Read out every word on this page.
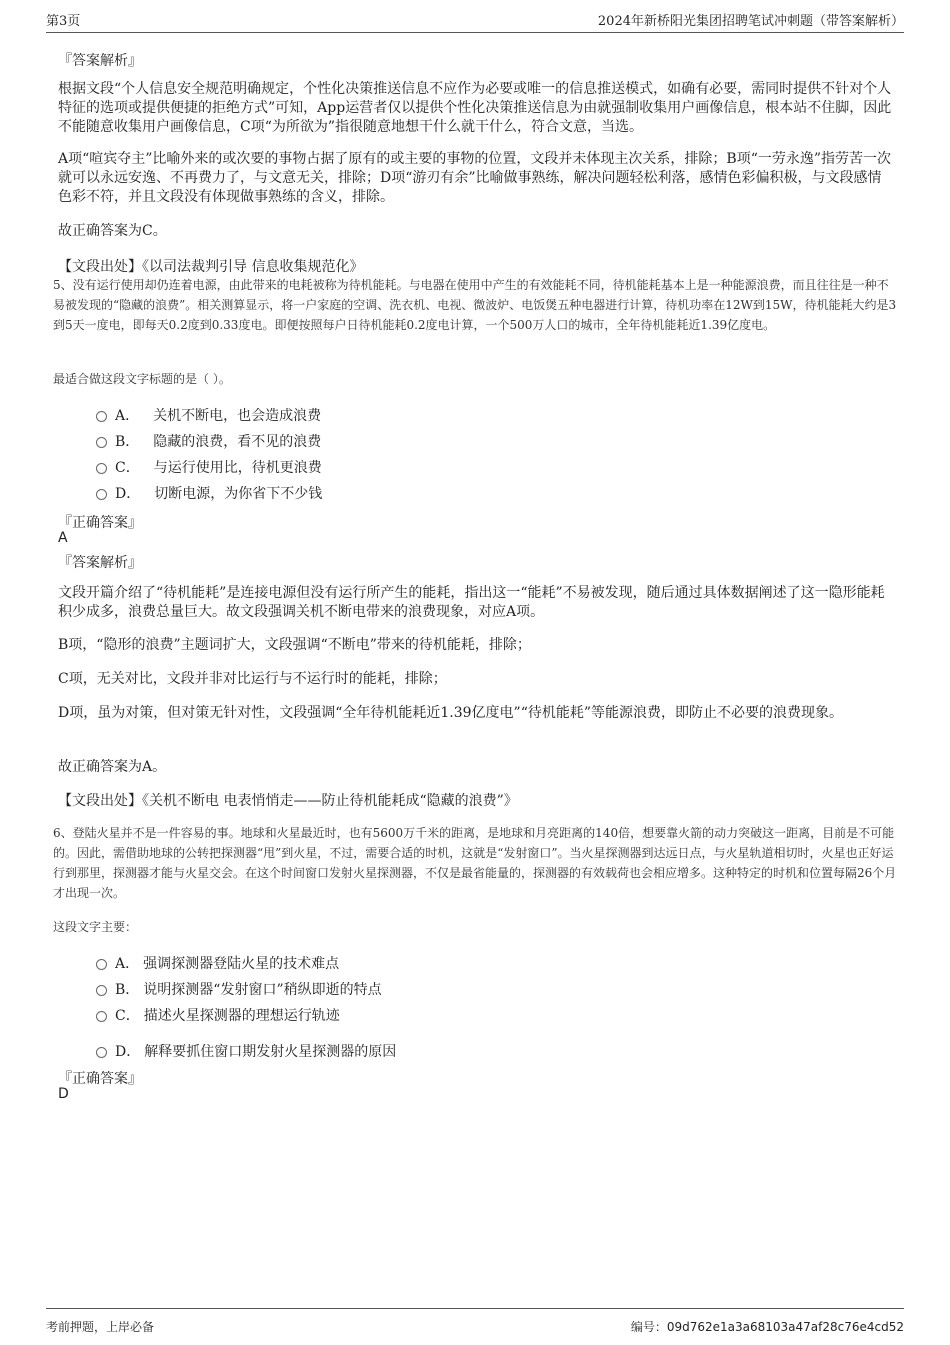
第3页	2024年新桥阳光集团招聘笔试冲刺题（带答案解析）
『答案解析』
根据文段“个人信息安全规范明确规定，个性化决策推送信息不应作为必要或唯一的信息推送模式，如确有必要，需同时提供不针对个人特征的选项或提供便捷的拒绝方式”可知，App运营者仅以提供个性化决策推送信息为由就强制收集用户画像信息，根本站不住脚，因此不能随意收集用户画像信息，C项“为所欲为”指很随意地想干什么就干什么，符合文意，当选。
A项“喧宾夺主”比喻外来的或次要的事物占据了原有的或主要的事物的位置，文段并未体现主次关系，排除；B项“一劳永逸”指劳苦一次就可以永远安逸、不再费力了，与文意无关，排除；D项“游刃有余”比喻做事熟练，解决问题轻松利落，感情色彩偏积极，与文段感情色彩不符，并且文段没有体现做事熟练的含义，排除。
故正确答案为C。
【文段出处】《以司法裁判引导 信息收集规范化》
5、没有运行使用却仍连着电源，由此带来的电耗被称为待机能耗。与电器在使用中产生的有效能耗不同，待机能耗基本上是一种能源浪费，而且往往是一种不易被发现的“隐藏的浪费”。相关测算显示，将一户家庭的空调、洗衣机、电视、微波炉、电饭煲五种电器进行计算，待机功率在12W到15W，待机能耗大约是3到5天一度电，即每天0.2度到0.33度电。即便按照每户日待机能耗0.2度电计算，一个500万人口的城市，全年待机能耗近1.39亿度电。
最适合做这段文字标题的是（ ）。
A． 关机不断电，也会造成浪费
B． 隐藏的浪费，看不见的浪费
C． 与运行使用比，待机更浪费
D． 切断电源，为你省下不少钱
『正确答案』
A
『答案解析』
文段开篇介绍了“待机能耗”是连接电源但没有运行所产生的能耗，指出这一“能耗”不易被发现，随后通过具体数据阐述了这一隐形能耗积少成多，浪费总量巨大。故文段强调关机不断电带来的浪费现象，对应A项。
B项，“隐形的浪费”主题词扩大，文段强调“不断电”带来的待机能耗，排除；
C项，无关对比，文段并非对比运行与不运行时的能耗，排除；
D项，虽为对策，但对策无针对性，文段强调“全年待机能耗近1.39亿度电”“待机能耗”等能源浪费，即防止不必要的浪费现象。
故正确答案为A。
【文段出处】《关机不断电 电表悄悄走——防止待机能耗成“隐藏的浪费”》
6、登陆火星并不是一件容易的事。地球和火星最近时，也有5600万千米的距离，是地球和月亮距离的140倍，想要靠火箭的动力突破这一距离，目前是不可能的。因此，需借助地球的公转把探测器“甩”到火星，不过，需要合适的时机，这就是“发射窗口”。当火星探测器到达远日点，与火星轨道相切时，火星也正好运行到那里，探测器才能与火星交会。在这个时间窗口发射火星探测器，不仅是最省能量的，探测器的有效载荷也会相应增多。这种特定的时机和位置每隔26个月才出现一次。
这段文字主要：
A． 强调探测器登陆火星的技术难点
B． 说明探测器“发射窗口”稍纵即逝的特点
C． 描述火星探测器的理想运行轨迹
D． 解释要抓住窗口期发射火星探测器的原因
『正确答案』
D
考前押题，上岸必备	编号：09d762e1a3a68103a47af28c76e4cd52
